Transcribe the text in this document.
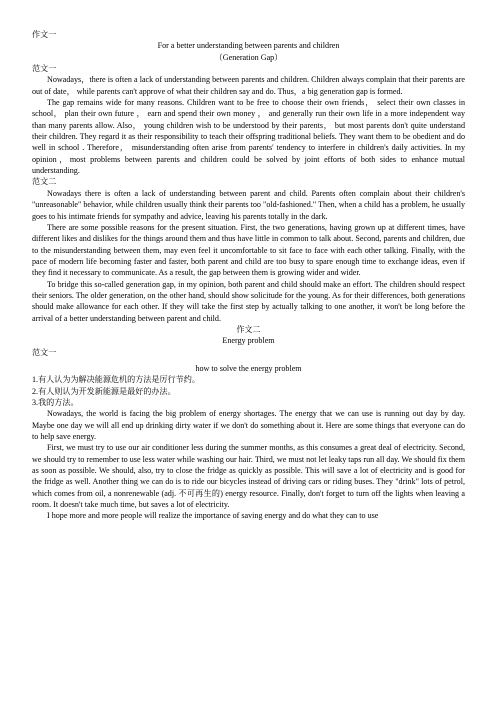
作文一
For a better understanding between parents and children
（Generation Gap）
范文一

Nowadays，there is often a lack of understanding between parents and children. Children always complain that their parents are out of date， while parents can't approve of what their children say and do. Thus，a big generation gap is formed.

The gap remains wide for many reasons. Children want to be free to choose their own friends， select their own classes in school， plan their own future ， earn and spend their own money ， and generally run their own life in a more independent way than many parents allow. Also， young children wish to be understood by their parents， but most parents don't quite understand their children. They regard it as their responsibility to teach their offspring traditional beliefs. They want them to be obedient and do well in school . Therefore， misunderstanding often arise from parents' tendency to interfere in children's daily activities. In my opinion，most problems between parents and children could be solved by joint efforts of both sides to enhance mutual understanding.

范文二

Nowadays there is often a lack of understanding between parent and child. Parents often complain about their children's "unreasonable" behavior, while children usually think their parents too "old-fashioned." Then, when a child has a problem, he usually goes to his intimate friends for sympathy and advice, leaving his parents totally in the dark.

There are some possible reasons for the present situation. First, the two generations, having grown up at different times, have different likes and dislikes for the things around them and thus have little in common to talk about. Second, parents and children, due to the misunderstanding between them, may even feel it uncomfortable to sit face to face with each other talking. Finally, with the pace of modern life becoming faster and faster, both parent and child are too busy to spare enough time to exchange ideas, even if they find it necessary to communicate. As a result, the gap between them is growing wider and wider.

To bridge this so-called generation gap, in my opinion, both parent and child should make an effort. The children should respect their seniors. The older generation, on the other hand, should show solicitude for the young. As for their differences, both generations should make allowance for each other. If they will take the first step by actually talking to one another, it won't be long before the arrival of a better understanding between parent and child.

作文二
Energy problem
范文一
how to solve the energy problem
1.有人认为为解决能源危机的方法是厉行节约。
2.有人则认为开发新能源是最好的办法。
3.我的方法。

Nowadays, the world is facing the big problem of energy shortages. The energy that we can use is running out day by day. Maybe one day we will all end up drinking dirty water if we don't do something about it. Here are some things that everyone can do to help save energy.

First, we must try to use our air conditioner less during the summer months, as this consumes a great deal of electricity. Second, we should try to remember to use less water while washing our hair. Third, we must not let leaky taps run all day. We should fix them as soon as possible. We should, also, try to close the fridge as quickly as possible. This will save a lot of electricity and is good for the fridge as well. Another thing we can do is to ride our bicycles instead of driving cars or riding buses. They "drink" lots of petrol, which comes from oil, a nonrenewable (adj. 不可再生的) energy resource. Finally, don't forget to turn off the lights when leaving a room. It doesn't take much time, but saves a lot of electricity.

I hope more and more people will realize the importance of saving energy and do what they can to use
